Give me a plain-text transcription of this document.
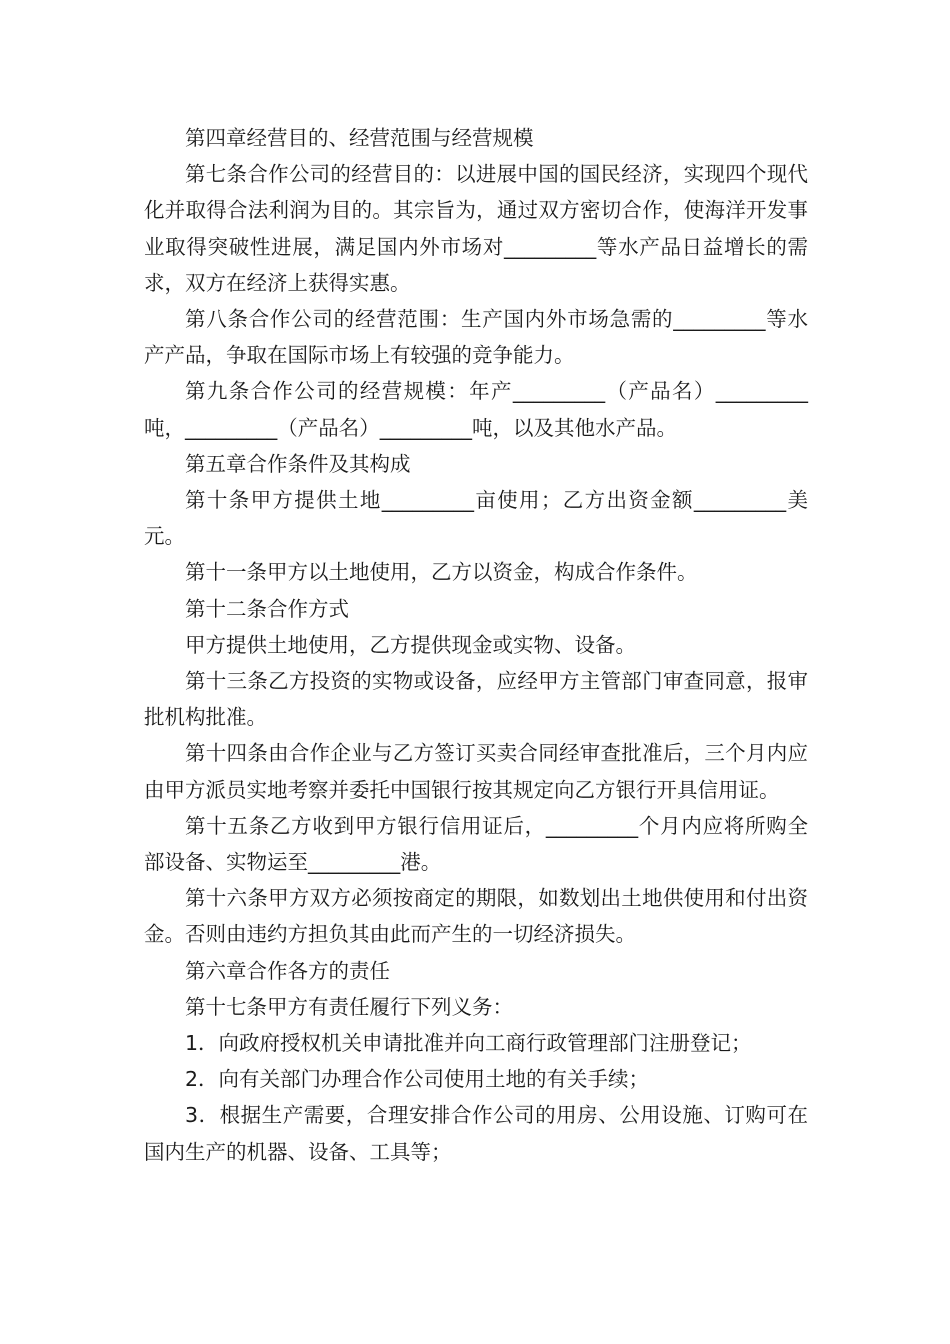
第四章经营目的、经营范围与经营规模

第七条合作公司的经营目的：以进展中国的国民经济，实现四个现代化并取得合法利润为目的。其宗旨为，通过双方密切合作，使海洋开发事业取得突破性进展，满足国内外市场对_________等水产品日益增长的需求，双方在经济上获得实惠。

第八条合作公司的经营范围：生产国内外市场急需的_________等水产产品，争取在国际市场上有较强的竞争能力。

第九条合作公司的经营规模：年产_________（产品名）_________吨，_________（产品名）_________吨，以及其他水产品。

第五章合作条件及其构成

第十条甲方提供土地_________亩使用；乙方出资金额_________美元。

第十一条甲方以土地使用，乙方以资金，构成合作条件。

第十二条合作方式

甲方提供土地使用，乙方提供现金或实物、设备。

第十三条乙方投资的实物或设备，应经甲方主管部门审查同意，报审批机构批准。

第十四条由合作企业与乙方签订买卖合同经审查批准后，三个月内应由甲方派员实地考察并委托中国银行按其规定向乙方银行开具信用证。

第十五条乙方收到甲方银行信用证后，_________个月内应将所购全部设备、实物运至_________港。

第十六条甲方双方必须按商定的期限，如数划出土地供使用和付出资金。否则由违约方担负其由此而产生的一切经济损失。

第六章合作各方的责任

第十七条甲方有责任履行下列义务：

1．向政府授权机关申请批准并向工商行政管理部门注册登记；

2．向有关部门办理合作公司使用土地的有关手续；

3．根据生产需要，合理安排合作公司的用房、公用设施、订购可在国内生产的机器、设备、工具等；
